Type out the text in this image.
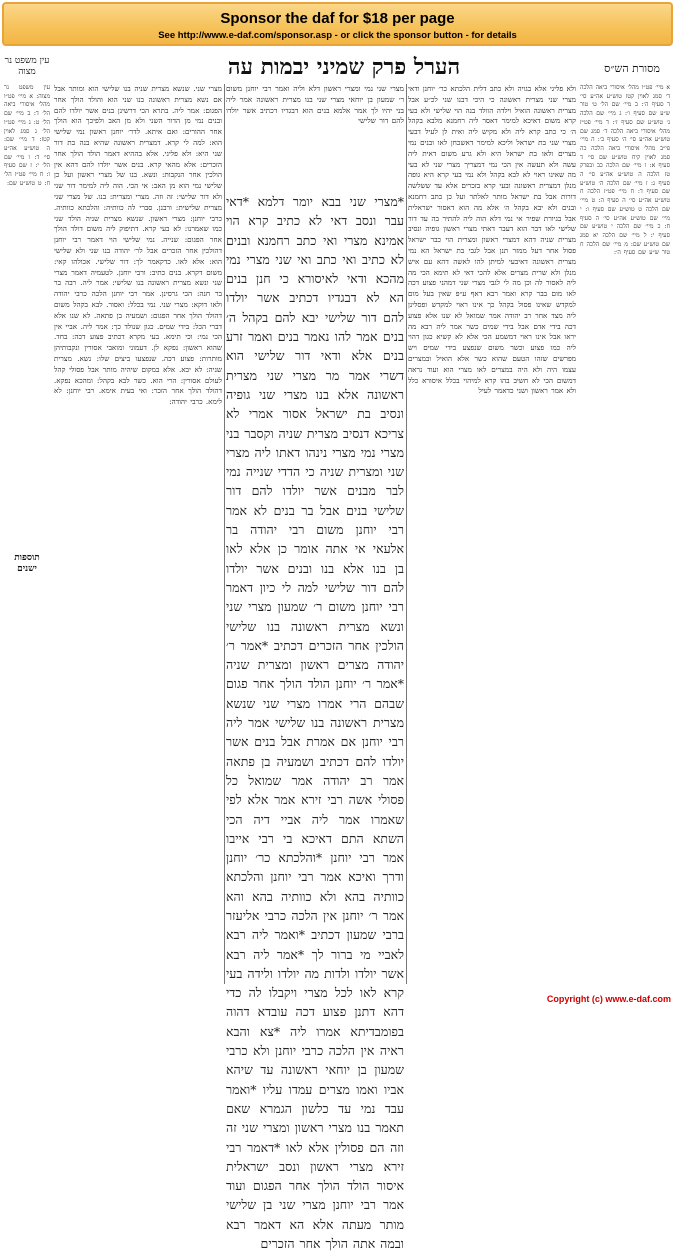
Sponsor the daf for $18 per page
See http://www.e-daf.com/sponsor.asp - or click the sponsor button - for details
הערל פרק שמיני יבמות עה	מסורת הש״ס
עין משפט נר מצוה
א מיי׳ פט״ו מהל׳ איסורי ביאה הלכה ד׳ סמג לאוין קטז טוש״ע אה״ע סי׳ ד סעיף ה׳: ב מיי׳ שם הל׳ ט׳ טור ש״ע שם סעיף ו׳: ג מיי׳ שם הלכה ג׳ טוש״ע שם סעיף ז׳: ד מיי׳ פט״ז מהל׳ איסורי ביאה הלכה ד׳ סמג שם טוש״ע אה״ע סי׳ ה׳ סעיף ב׳: ה מיי׳ פי״ב מהל׳ איסורי ביאה הלכה כה סמג לאוין קיח טוש״ע שם סי׳ ד סעיף א: ו מיי׳ שם הלכה כב ובפרק טז הלכה ה טוש״ע אה״ע סי׳ ה סעיף ג: ז מיי׳ שם הלכה ה׳ טוש״ע שם סעיף ד: ח מיי׳ פט״ז הלכה ח טוש״ע אה״ע סי׳ ה סעיף ה: ט מיי׳ שם הלכה ט טוש״ע שם סעיף ו: י מיי׳ שם טוש״ע אה״ע סי׳ ה סעיף ח: כ מיי׳ שם הלכה י טוש״ע שם סעיף י: ל מיי׳ שם הלכה יא סמג שם טוש״ע שם: מ מיי׳ שם הלכה ח טור ש״ע שם סעיף ה׳:
ולא פליגי אלא בגויה ולא כתב דלית הלכתא כר׳ יוחנן ודאי מצרי שני מצרית ראשונה כי היכי דבנו שני לכ״ע אבל מצרית ראשונה הואיל וילדה הוולד בנה הוי שלישי ולא בעי קרא משום דאיכא למימר דאסר ליה רחמנא מלבא בקהל ה׳ כי כתב קרא ליה ולא מקיש ליה ואית לן לעיל דבעי מצרי שני בת ישראל וליכא למימר דאשכחן לאו ובנים נמי מצרים ולאו בת ישראל היא ולא גרע משום דאית ליה עשה ולא תעשה אין הכי נמי דמצריך מצרי שני לא בעי מה שאינו ראוי לא לבא בקהל ולא נמי בעי קרא היא גופה מנלן דמצרית ראשונה ובעי קרא בזכרים אלא עד ששלשה דורות אבל בת ישראל מותר לאלתר ועל כן כתב רחמנא ובנים ולא יבא בקהל ה׳ אלא מה הוא דאסור ישראלית אבל בגיורת שפיר אי נמי דלא הוה ליה להתיר בה עד דור שלישי לאו דבר הוא דעבר דאתי מצרי ראשון גופיה ונסיב מצרית שניה דהא דמצרי ראשון ומצרית הוי כבר ישראל פסול אחר דעל ממזר תנן אבל לגבי בת ישראל הא נמי מצרית ראשונה דאיבעי למיתן להו לאשה דהא עם איש מנלן ולא שרית מצרים אלא להכי דאי לא תימא הכי מה ליה לאסור לה וכן מה לי לגבי מצרי שני דמהני פצוע דכה לאו מום בבר קרא ואמר רבא דאף ע״פ שאין בעל מום למקדש שאינו פסול בקהל כך אינו ראוי למקדש ופסלינן ליה מצד אחר רב יהודה אמר שמואל לא שנו אלא פצוע דכה בידי אדם אבל בידי שמים כשר אמר ליה רבא מה יראו אבל אינו ראוי דמשמע הכי אלא לא קשיא כגון דהוי ליה כמו פצוע וכשר משום שנפצע בידי שמים ויש מפרשים שזהו הטעם שהוא כשר אלא הואיל ובמצרים עצמו היה ולא היה במצרים לאו מצרי הוא ועוד נראה דמשום הכי לא חשיב בהו קרא למיהוי בכלל איסורא כלל ולא אמר ראשון ושני כדאמר לעיל
מצרי שני נמי ומצרי ראשון דלא וליה ואמר רבי יוחנן משום ר׳ שמעון בן יוחאי מצרי שני בנו מצרית ראשונה אמר ליה בני יהיו לך אמר אלמא בנים הוא דבגדיו דכתיב אשר יולדו להם דור שלישי
*מצרי שני בבא יומר דלמא *דאי עבר ונסב דאי לא כתיב קרא הוי אמינא מצרי ואי כתב רחמנא ובנים לא כתיב ואי כתב ואי שני מצרי נמי מהכא ודאי לאיסורא כי חנן בנים הא לא דבגדיו דכתיב אשר יולדו להם דור שלישי יבא להם בקהל ה׳ בנים אמר להו נאמר בנים ואמר זרע בנים אלא ודאי דור שלישי הוא דשרי אמר מר מצרי שני מצרית ראשונה אלא בנו מצרי שני גופיה ונסיב בת ישראל אסור אמרי לא צריכא דנסיב מצרית שניה וקסבר בני מצרי נמי מצרי נינהו דאתו ליה מצרי שני ומצרית שניה כי הדדי שנייה נמי לבר מבנים אשר יולדו להם דור שלישי בנים אבל בר בנים לא אמר רבי יוחנן משום רבי יהודה בר אלעאי אי אתה אומר כן אלא לאו בן בנו אלא בנו ובנים אשר יולדו להם דור שלישי למה לי כיון דאמר רבי יוחנן משום ר׳ שמעון מצרי שני ונשא מצרית ראשונה בנו שלישי הולכין אחר הזכרים דכתיב *אמר ר׳ יהודה מצרים ראשון ומצרית שניה *אמר ר׳ יוחנן הולד הולך אחר פגום שבהם הרי אמרו מצרי שני שנשא מצרית ראשונה בנו שלישי אמר ליה רבי יוחנן אם אמרת אבל בנים אשר יולדו להם דכתיב ושמעיה בן פתאה אמר רב יהודה אמר שמואל כל פסולי אשה רבי זירא אמר אלא לפי שאמרו אמר ליה אביי דיה הכי השתא התם דאיכא בי רבי אייבו אמר רבי יוחנן *והלכתא כר׳ יוחנן ודרך ואיכא אמר רבי יוחנן והלכתא כוותיה בהא ולא כוותיה בהא והא אמר ר׳ יוחנן אין הלכה כרבי אליעזר ברבי שמעון דכתיב *ואמר ליה רבא לאביי מי ברור לך *אמר ליה רבא אשר יולדו ולדות מה יולדו ולידה בעי קרא לאו לכל מצרי ויקבלו לה כדי דהא דתנן פצוע דכה עובדא דהוה בפומבדיתא אמרו ליה *צא והבא ראיה אין הלכה כרבי יוחנן ולא כרבי שמעון בן יוחאי ראשונה עד שיהא אביו ואמו מצרים עמדו עליו *ואמר עבד נמי עד כלשון הגמרא שאם תאמר בנו מצרי ראשון ומצרי שני זה וזה הם פסולין אלא לאו *דאמר רבי זירא מצרי ראשון ונסב ישראלית איסור הולד הולך אחר הפגום ועוד אמר רבי יוחנן מצרי שני בן שלישי מותר מעתה אלא הא דאמר רבא ובמה אתה הולך אחר הזכרים
מצרי שני. שנשא מצרית שניה בנו שלישי הוא ומותר אבל אם נשא מצרית ראשונה בנו שני הוא והולד הולך אחר הפגום: אמר ליה. בתרא הכי דרשינן בנים אשר יולדו להם ובנים נמי מן הדור השני ולא מן האב ולפיכך הוא הולך אחר ההורים: ואם איתא. לדר׳ יוחנן ראשון נמי שלישי הוא: למה לי קרא. דמצרית ראשונה שהיא בנה בת דור שני היא: ולא פליגי. אלא בההיא דאמר הולד הולך אחר הזכרים: אלא מהאי קרא. בנים אשר יולדו להם דהא אין הולכין אחר הנקבות: ונשא. בנו של מצרי ראשון ועל כן שלישי נמי הוא מן האב: אי הכי. הוה ליה למימר דור שני ולא דור שלישי: זה וזה. מצרי ומצרית: בנו. של מצרי שני מצרית שלישית: ורבנן. סברי לה כוותיה: והלכתא כוותיה. כרבי יוחנן: מצרי ראשון. שנשא מצרית שניה הולד שני כמו שאמרנו: לא בעי קרא. דתיפוק ליה משום דולד הולך אחר הפגום: שנייה. נמי שלישי הוי דאמר רבי יוחנן דהולכין אחר הזכרים אבל לר׳ יהודה בנו שני ולא שלישי הוא: אלא לאו. כדקאמר לך: דור שלישי. אכולהו קאי: משום דקרא. בנים כתיב: ורבי יוחנן. לטעמיה דאמר מצרי שני ונשא מצרית ראשונה בנו שלישי: אמר ליה. רבה בר בר חנה: הכי גרסינן. אמר רבי יוחנן הלכה כרבי יהודה ולאו דוקא: מצרי שני. נמי בכלל: ואסור. לבא בקהל משום דהולד הולך אחר הפגום: ושמעיה בן פתאה. לא שנו אלא דברי הכל: בידי שמים. כגון שנולד כך: אמר ליה. אביי אין הכי נמי: וכי תימא. בעי מקרא דכתיב פצוע דכה: בחד. שהוא ראשון: נפקא לן. דעמוני ומואבי אסורין ונקבותיהן מותרות: פצוע דכה. שנפצעו ביצים שלו: נשא. מצרית שניה: לא יבא. אלא במקום שיהיה מותר אבל פסולי קהל לעולם אסורין: הרי הוא. כשר לבא בקהל: ומהכא נפקא. דהולד הולך אחר הזכר: ואי בעית אימא. רבי יוחנן: לא לימא. כרבי יהודה:
עין משפט נר מצוה: א מיי׳ פט״ו מהל׳ איסורי ביאה הל׳ ד: ב מיי׳ שם הל׳ ט: ג מיי׳ פט״ו הל׳ ג סמג לאוין קטז: ד מיי׳ שם: ה טוש״ע אה״ע סי׳ ד: ו מיי׳ שם הל׳ י: ז שם סעיף ו: ח מיי׳ פט״ז הל׳ ח: ט טוש״ע שם:
תוספות ישנים
Copyright (c) www.e-daf.com
